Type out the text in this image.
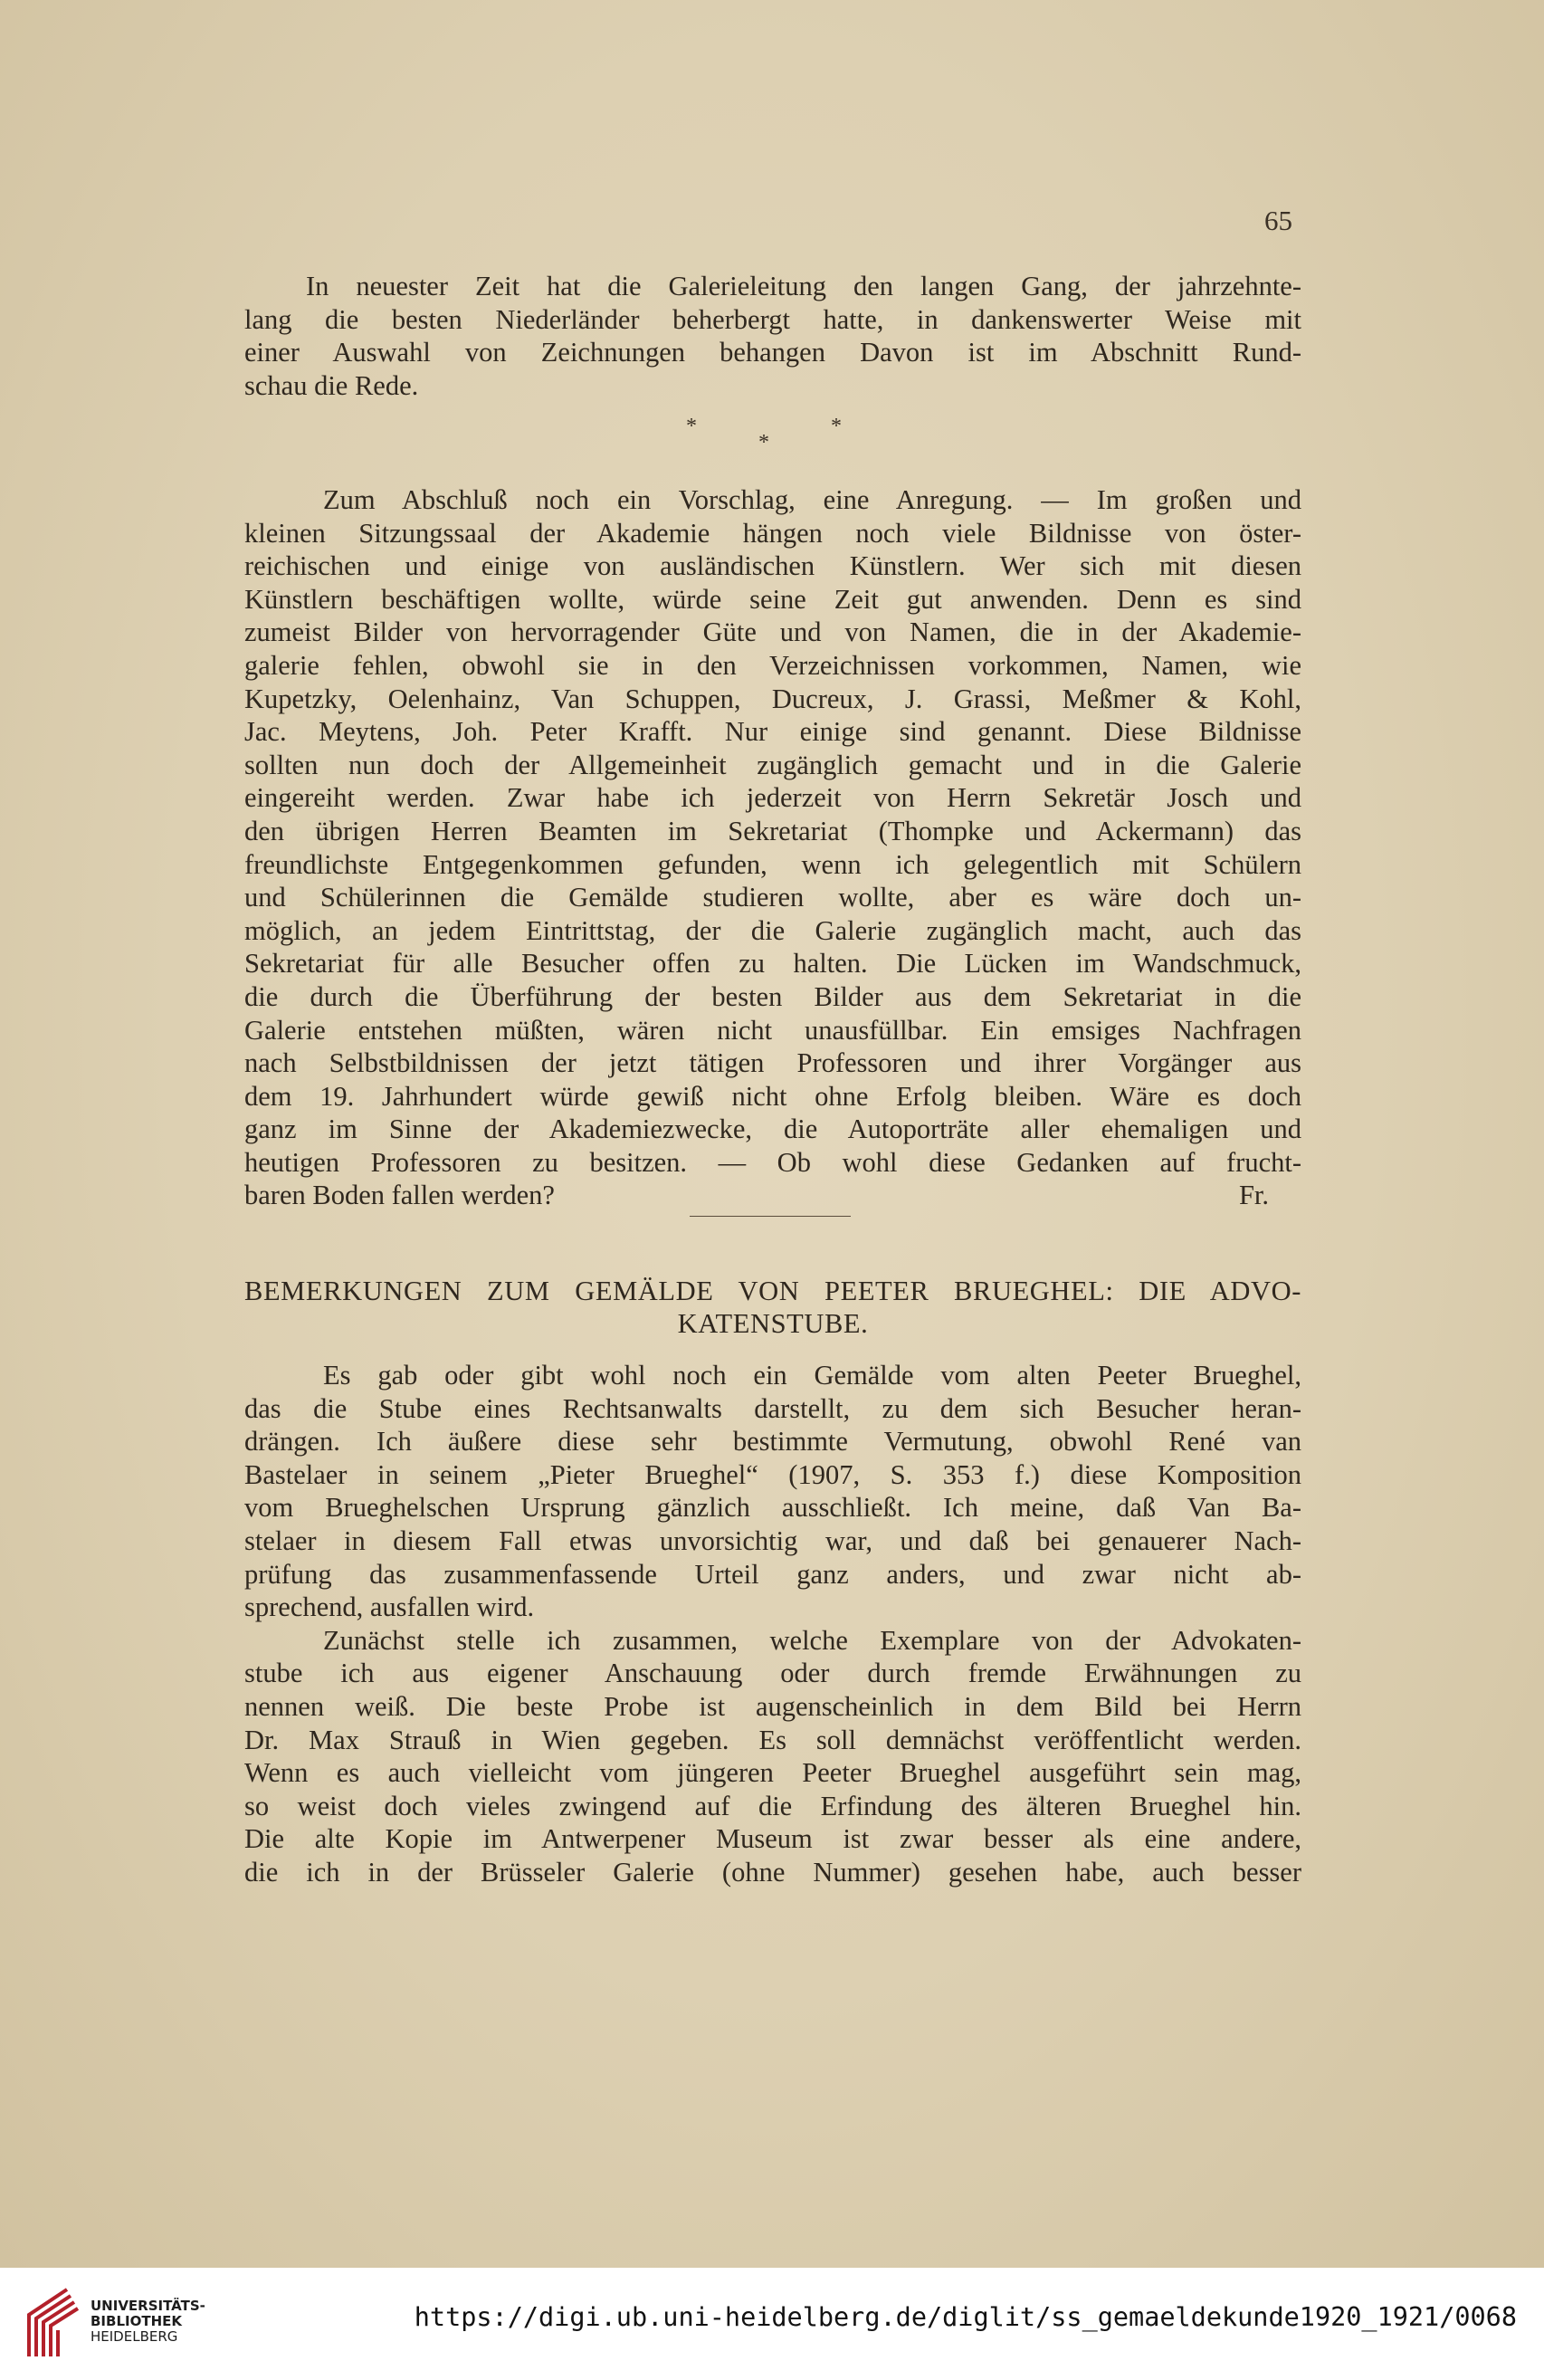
65

In neuester Zeit hat die Galerieleitung den langen Gang, der jahrzehnte-
lang die besten Niederländer beherbergt hatte, in dankenswerter Weise mit
einer Auswahl von Zeichnungen behangen Davon ist im Abschnitt Rund-
schau die Rede.

*	*
*

Zum Abschluß noch ein Vorschlag, eine Anregung. — Im großen und
kleinen Sitzungssaal der Akademie hängen noch viele Bildnisse von öster-
reichischen und einige von ausländischen Künstlern. Wer sich mit diesen
Künstlern beschäftigen wollte, würde seine Zeit gut anwenden. Denn es sind
zumeist Bilder von hervorragender Güte und von Namen, die in der Akademie-
galerie fehlen, obwohl sie in den Verzeichnissen vorkommen, Namen, wie
Kupetzky, Oelenhainz, Van Schuppen, Ducreux, J. Grassi, Meßmer & Kohl,
Jac. Meytens, Joh. Peter Krafft. Nur einige sind genannt. Diese Bildnisse
sollten nun doch der Allgemeinheit zugänglich gemacht und in die Galerie
eingereiht werden. Zwar habe ich jederzeit von Herrn Sekretär Josch und
den übrigen Herren Beamten im Sekretariat (Thompke und Ackermann) das
freundlichste Entgegenkommen gefunden, wenn ich gelegentlich mit Schülern
und Schülerinnen die Gemälde studieren wollte, aber es wäre doch un-
möglich, an jedem Eintrittstag, der die Galerie zugänglich macht, auch das
Sekretariat für alle Besucher offen zu halten. Die Lücken im Wandschmuck,
die durch die Überführung der besten Bilder aus dem Sekretariat in die
Galerie entstehen müßten, wären nicht unausfüllbar. Ein emsiges Nachfragen
nach Selbstbildnissen der jetzt tätigen Professoren und ihrer Vorgänger aus
dem 19. Jahrhundert würde gewiß nicht ohne Erfolg bleiben. Wäre es doch
ganz im Sinne der Akademiezwecke, die Autoporträte aller ehemaligen und
heutigen Professoren zu besitzen. — Ob wohl diese Gedanken auf frucht-
baren Boden fallen werden?	Fr.

BEMERKUNGEN ZUM GEMÄLDE VON PEETER BRUEGHEL: DIE ADVO-
KATENSTUBE.

Es gab oder gibt wohl noch ein Gemälde vom alten Peeter Brueghel,
das die Stube eines Rechtsanwalts darstellt, zu dem sich Besucher heran-
drängen. Ich äußere diese sehr bestimmte Vermutung, obwohl René van
Bastelaer in seinem „Pieter Brueghel“ (1907, S. 353 f.) diese Komposition
vom Brueghelschen Ursprung gänzlich ausschließt. Ich meine, daß Van Ba-
stelaer in diesem Fall etwas unvorsichtig war, und daß bei genauerer Nach-
prüfung das zusammenfassende Urteil ganz anders, und zwar nicht ab-
sprechend, ausfallen wird.

Zunächst stelle ich zusammen, welche Exemplare von der Advokaten-
stube ich aus eigener Anschauung oder durch fremde Erwähnungen zu
nennen weiß. Die beste Probe ist augenscheinlich in dem Bild bei Herrn
Dr. Max Strauß in Wien gegeben. Es soll demnächst veröffentlicht werden.
Wenn es auch vielleicht vom jüngeren Peeter Brueghel ausgeführt sein mag,
so weist doch vieles zwingend auf die Erfindung des älteren Brueghel hin.
Die alte Kopie im Antwerpener Museum ist zwar besser als eine andere,
die ich in der Brüsseler Galerie (ohne Nummer) gesehen habe, auch besser

UNIVERSITÄTS-
BIBLIOTHEK
HEIDELBERG
https://digi.ub.uni-heidelberg.de/diglit/ss_gemaeldekunde1920_1921/0068
